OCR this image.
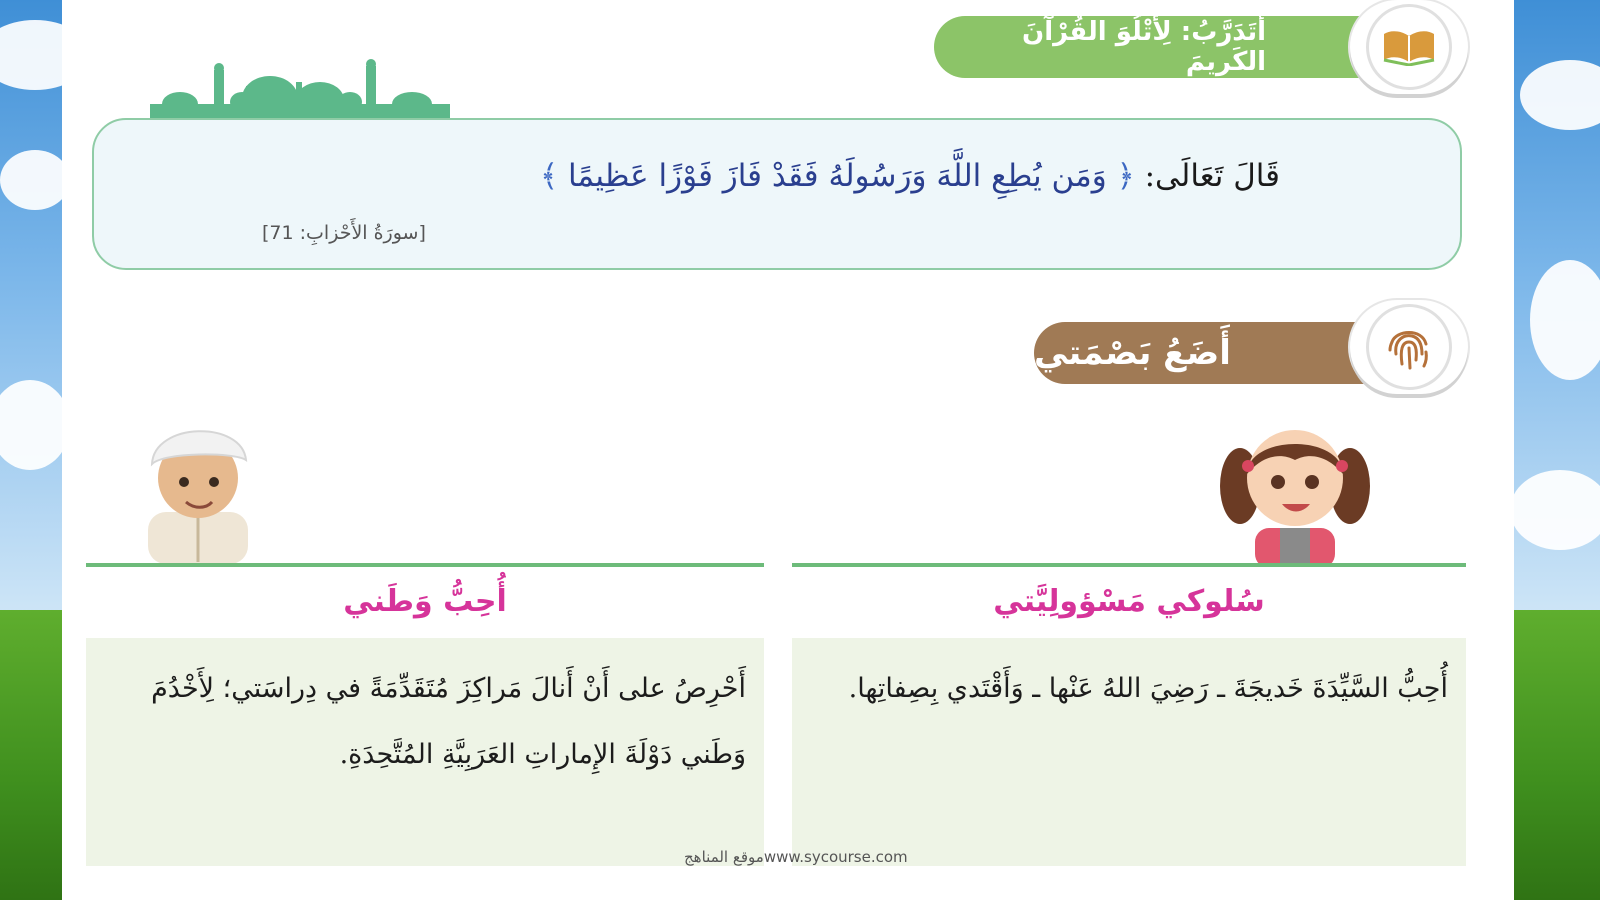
أَتَدَرَّبُ: لِأَتْلُوَ القُرْآنَ الكَريمَ
قَالَ تَعَالَى: ﴿ وَمَن يُطِعِ اللَّهَ وَرَسُولَهُ فَقَدْ فَازَ فَوْزًا عَظِيمًا ﴾
[سورَةُ الأَحْزابِ: 71]
أَضَعُ بَصْمَتي
سُلوكي مَسْؤولِيَّتي
أُحِبُّ السَّيِّدَةَ خَديجَةَ ـ رَضِيَ اللهُ عَنْها ـ وَأَقْتَدي بِصِفاتِها.
أُحِبُّ وَطَني
أَحْرِصُ على أَنْ أَنالَ مَراكِزَ مُتَقَدِّمَةً في دِراسَتي؛ لِأَخْدُمَ وَطَني دَوْلَةَ الإِماراتِ العَرَبِيَّةِ المُتَّحِدَةِ.
موقع المناهجwww.sycourse.com
